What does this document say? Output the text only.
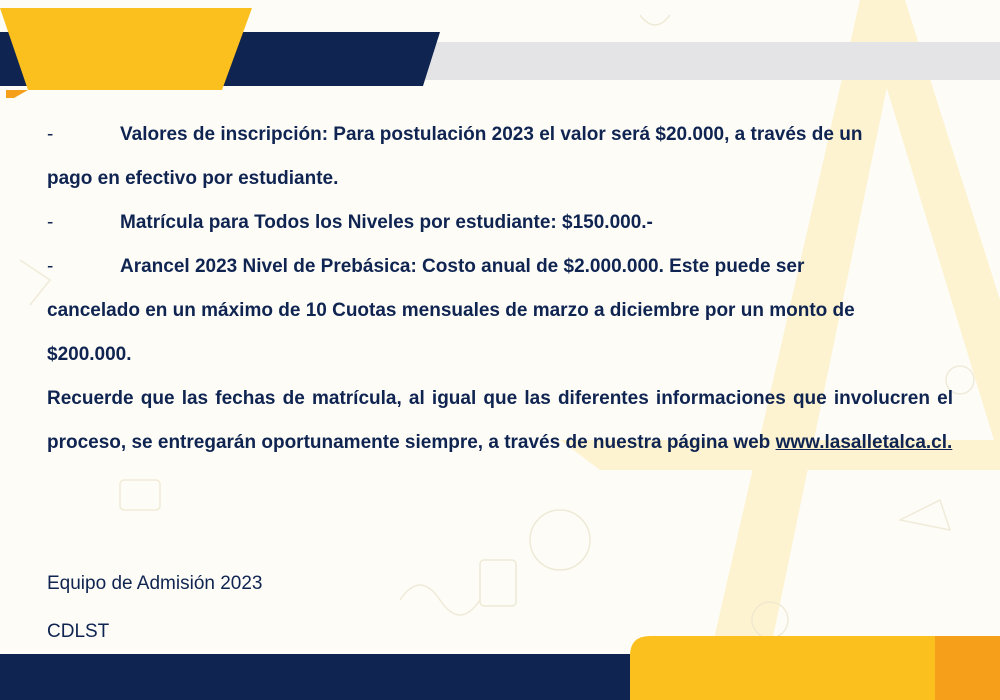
-	Valores de inscripción: Para postulación 2023 el valor será $20.000, a través de un
pago en efectivo por estudiante.
-	Matrícula para Todos los Niveles por estudiante: $150.000.-
-	Arancel 2023 Nivel de Prebásica: Costo anual de $2.000.000. Este puede ser
cancelado en un máximo de 10 Cuotas mensuales de marzo a diciembre por un monto de
$200.000.
Recuerde que las fechas de matrícula, al igual que las diferentes informaciones que involucren el proceso, se entregarán oportunamente siempre, a través de nuestra página web www.lasalletalca.cl.
Equipo de Admisión 2023
CDLST
